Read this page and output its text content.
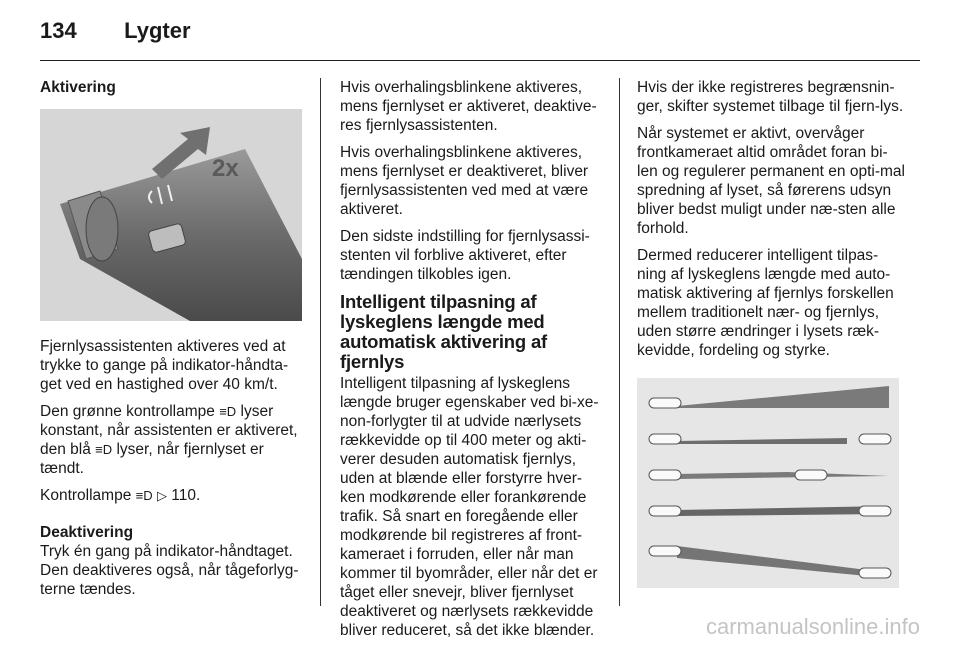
134 Lygter
Aktivering
2x

Fjernlysassistenten aktiveres ved at trykke to gange på indikator-håndta-get ved en hastighed over 40 km/t.

Den grønne kontrollampe ≡D lyser konstant, når assistenten er aktiveret, den blå ≡D lyser, når fjernlyset er tændt.

Kontrollampe ≡D ▷ 110.

Deaktivering

Tryk én gang på indikator-håndtaget. Den deaktiveres også, når tågeforlyg-terne tændes.

Hvis overhalingsblinkene aktiveres, mens fjernlyset er aktiveret, deaktive-res fjernlysassistenten.

Hvis overhalingsblinkene aktiveres, mens fjernlyset er deaktiveret, bliver fjernlysassistenten ved med at være aktiveret.

Den sidste indstilling for fjernlysassi-stenten vil forblive aktiveret, efter tændingen tilkobles igen.

Intelligent tilpasning af lyskeglens længde med automatisk aktivering af fjernlys

Intelligent tilpasning af lyskeglens længde bruger egenskaber ved bi-xe-non-forlygter til at udvide nærlysets rækkevidde op til 400 meter og akti-verer desuden automatisk fjernlys, uden at blænde eller forstyrre hver-ken modkørende eller forankørende trafik. Så snart en foregående eller modkørende bil registreres af front-kameraet i forruden, eller når man kommer til byområder, eller når det er tåget eller snevejr, bliver fjernlyset deaktiveret og nærlysets rækkevidde bliver reduceret, så det ikke blænder.

Hvis der ikke registreres begrænsnin-ger, skifter systemet tilbage til fjern-lys.

Når systemet er aktivt, overvåger frontkameraet altid området foran bi-len og regulerer permanent en opti-mal spredning af lyset, så førerens udsyn bliver bedst muligt under næ-sten alle forhold.

Dermed reducerer intelligent tilpas-ning af lyskeglens længde med auto-matisk aktivering af fjernlys forskellen mellem traditionelt nær- og fjernlys, uden større ændringer i lysets ræk-kevidde, fordeling og styrke.

carmanualsonline.info
